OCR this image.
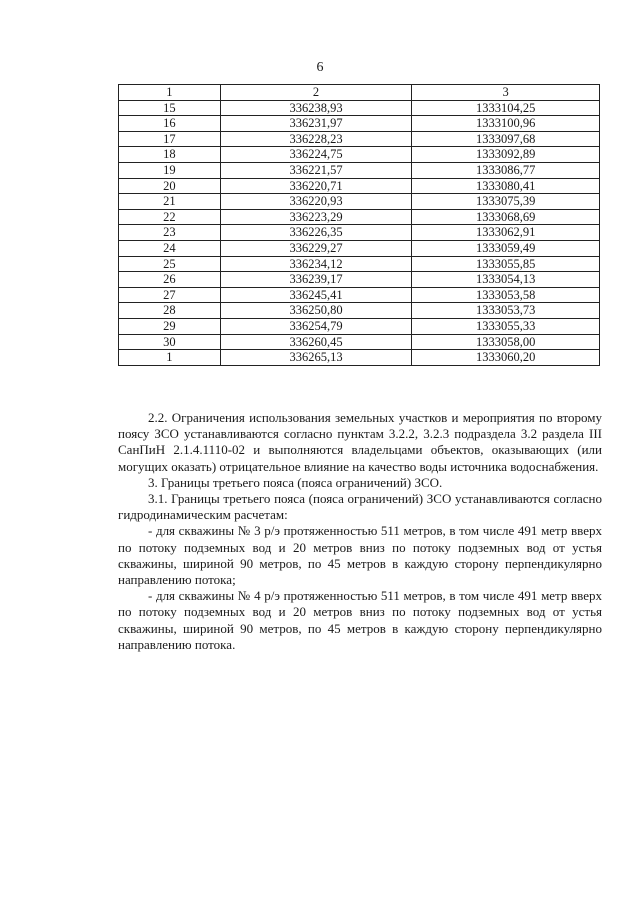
6
1	2	3
15	336238,93	1333104,25
16	336231,97	1333100,96
17	336228,23	1333097,68
18	336224,75	1333092,89
19	336221,57	1333086,77
20	336220,71	1333080,41
21	336220,93	1333075,39
22	336223,29	1333068,69
23	336226,35	1333062,91
24	336229,27	1333059,49
25	336234,12	1333055,85
26	336239,17	1333054,13
27	336245,41	1333053,58
28	336250,80	1333053,73
29	336254,79	1333055,33
30	336260,45	1333058,00
1	336265,13	1333060,20

2.2. Ограничения использования земельных участков и мероприятия по второму поясу ЗСО устанавливаются согласно пунктам 3.2.2, 3.2.3 подраздела 3.2 раздела III СанПиН 2.1.4.1110-02 и выполняются владельцами объектов, оказывающих (или могущих оказать) отрицательное влияние на качество воды источника водоснабжения.

3. Границы третьего пояса (пояса ограничений) ЗСО.

3.1. Границы третьего пояса (пояса ограничений) ЗСО устанавливаются согласно гидродинамическим расчетам:

- для скважины № 3 р/э протяженностью 511 метров, в том числе 491 метр вверх по потоку подземных вод и 20 метров вниз по потоку подземных вод от устья скважины, шириной 90 метров, по 45 метров в каждую сторону перпендикулярно направлению потока;

- для скважины № 4 р/э протяженностью 511 метров, в том числе 491 метр вверх по потоку подземных вод и 20 метров вниз по потоку подземных вод от устья скважины, шириной 90 метров, по 45 метров в каждую сторону перпендикулярно направлению потока.
